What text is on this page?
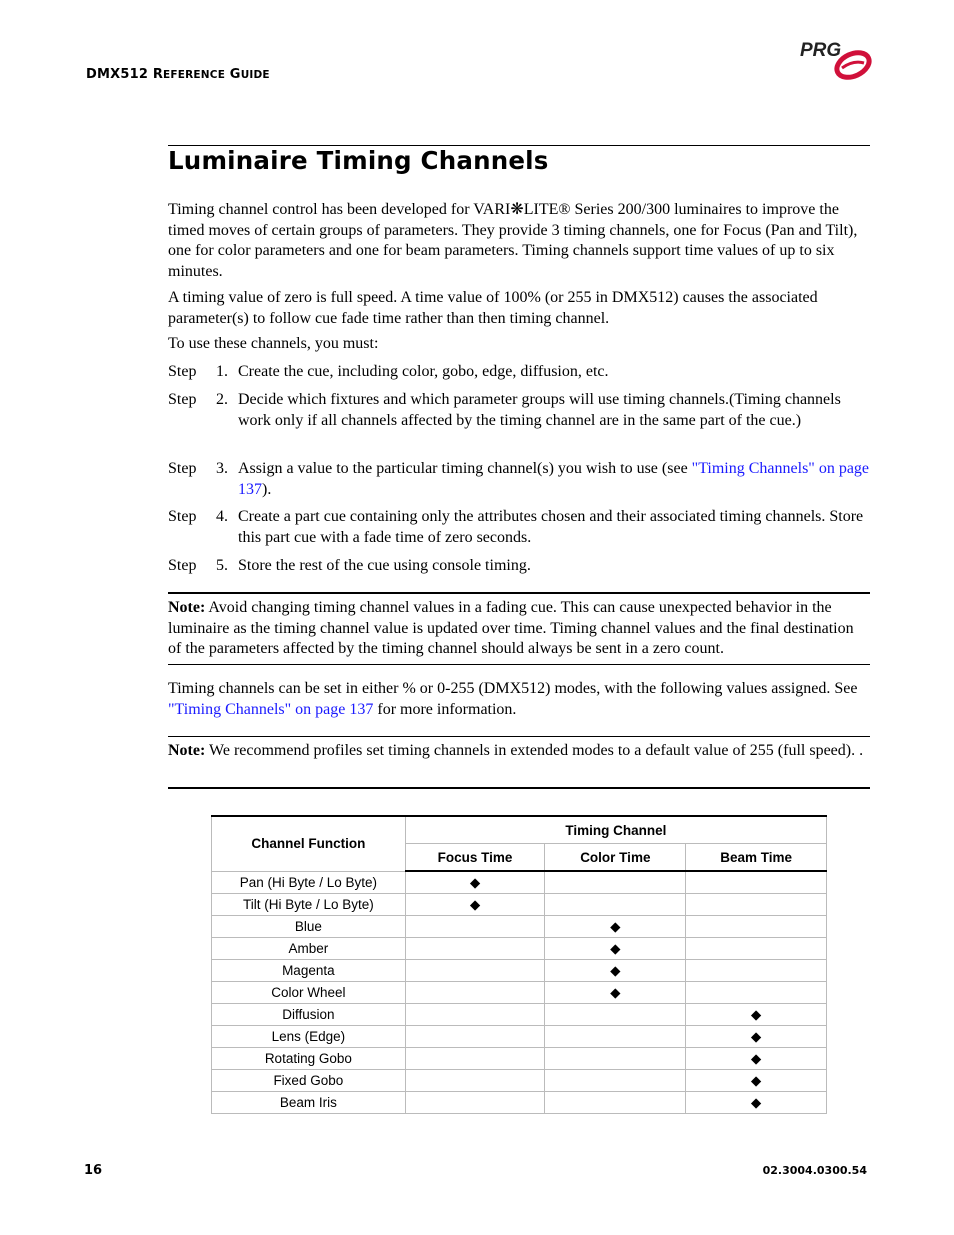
DMX512 REFERENCE GUIDE
PRG
Luminaire Timing Channels

Timing channel control has been developed for VARI❋LITE® Series 200/300 luminaires to improve the timed moves of certain groups of parameters. They provide 3 timing channels, one for Focus (Pan and Tilt), one for color parameters and one for beam parameters. Timing channels support time values of up to six minutes.

A timing value of zero is full speed. A time value of 100% (or 255 in DMX512) causes the associated parameter(s) to follow cue fade time rather than then timing channel.

To use these channels, you must:

Step 1. Create the cue, including color, gobo, edge, diffusion, etc.
Step 2. Decide which fixtures and which parameter groups will use timing channels.(Timing channels work only if all channels affected by the timing channel are in the same part of the cue.)
Step 3. Assign a value to the particular timing channel(s) you wish to use (see "Timing Channels" on page 137).
Step 4. Create a part cue containing only the attributes chosen and their associated timing channels. Store this part cue with a fade time of zero seconds.
Step 5. Store the rest of the cue using console timing.

Note: Avoid changing timing channel values in a fading cue. This can cause unexpected behavior in the luminaire as the timing channel value is updated over time. Timing channel values and the final destination of the parameters affected by the timing channel should always be sent in a zero count.

Timing channels can be set in either % or 0-255 (DMX512) modes, with the following values assigned. See "Timing Channels" on page 137 for more information.

Note: We recommend profiles set timing channels in extended modes to a default value of 255 (full speed). .

Channel Function	Timing Channel		
	Focus Time	Color Time	Beam Time
Pan (Hi Byte / Lo Byte)	◆		
Tilt (Hi Byte / Lo Byte)	◆		
Blue		◆	
Amber		◆	
Magenta		◆	
Color Wheel		◆	
Diffusion			◆
Lens (Edge)			◆
Rotating Gobo			◆
Fixed Gobo			◆
Beam Iris			◆
16	02.3004.0300.54
